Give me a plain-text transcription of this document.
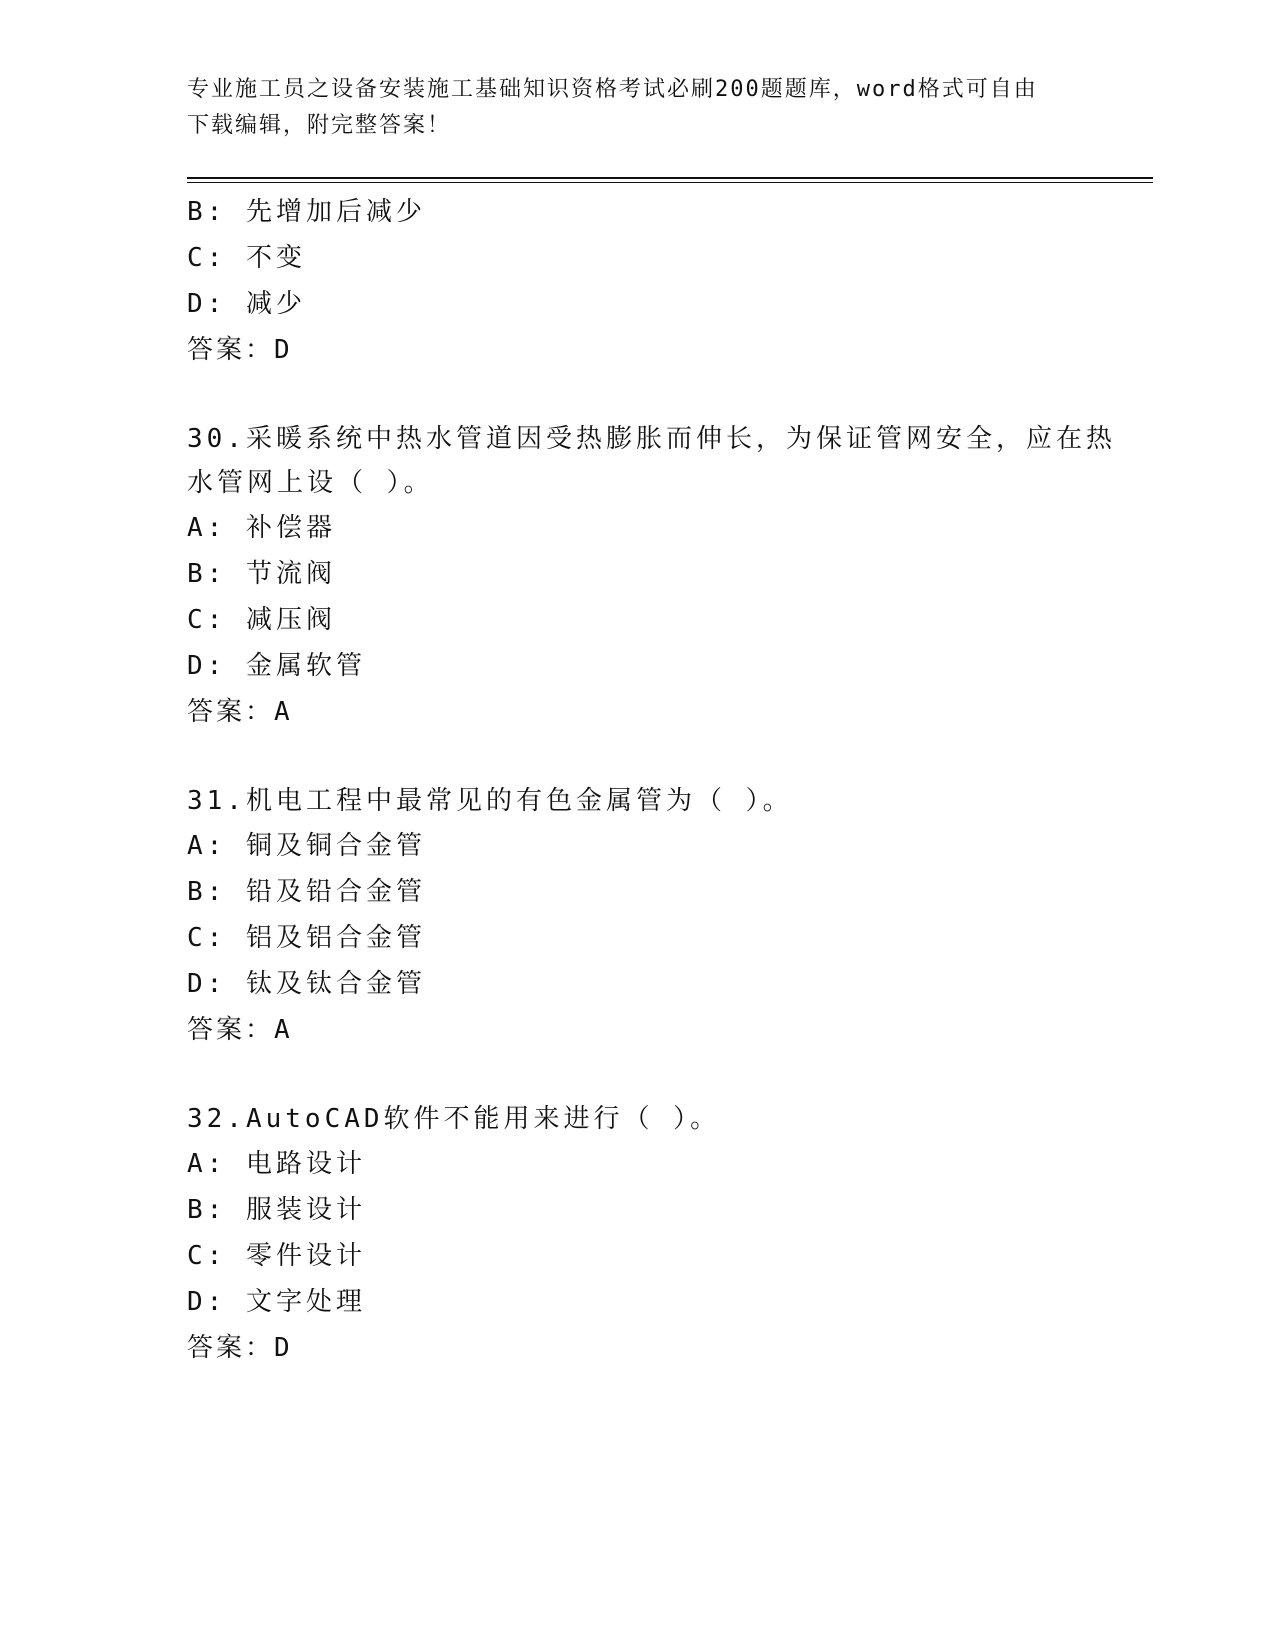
专业施工员之设备安装施工基础知识资格考试必刷200题题库，word格式可自由
下载编辑，附完整答案！
B: 先增加后减少
C: 不变
D: 减少
答案：D
30.采暖系统中热水管道因受热膨胀而伸长，为保证管网安全，应在热
水管网上设（ ）。
A: 补偿器
B: 节流阀
C: 减压阀
D: 金属软管
答案：A
31.机电工程中最常见的有色金属管为（ ）。
A: 铜及铜合金管
B: 铅及铅合金管
C: 铝及铝合金管
D: 钛及钛合金管
答案：A
32.AutoCAD软件不能用来进行（ ）。
A: 电路设计
B: 服装设计
C: 零件设计
D: 文字处理
答案：D
